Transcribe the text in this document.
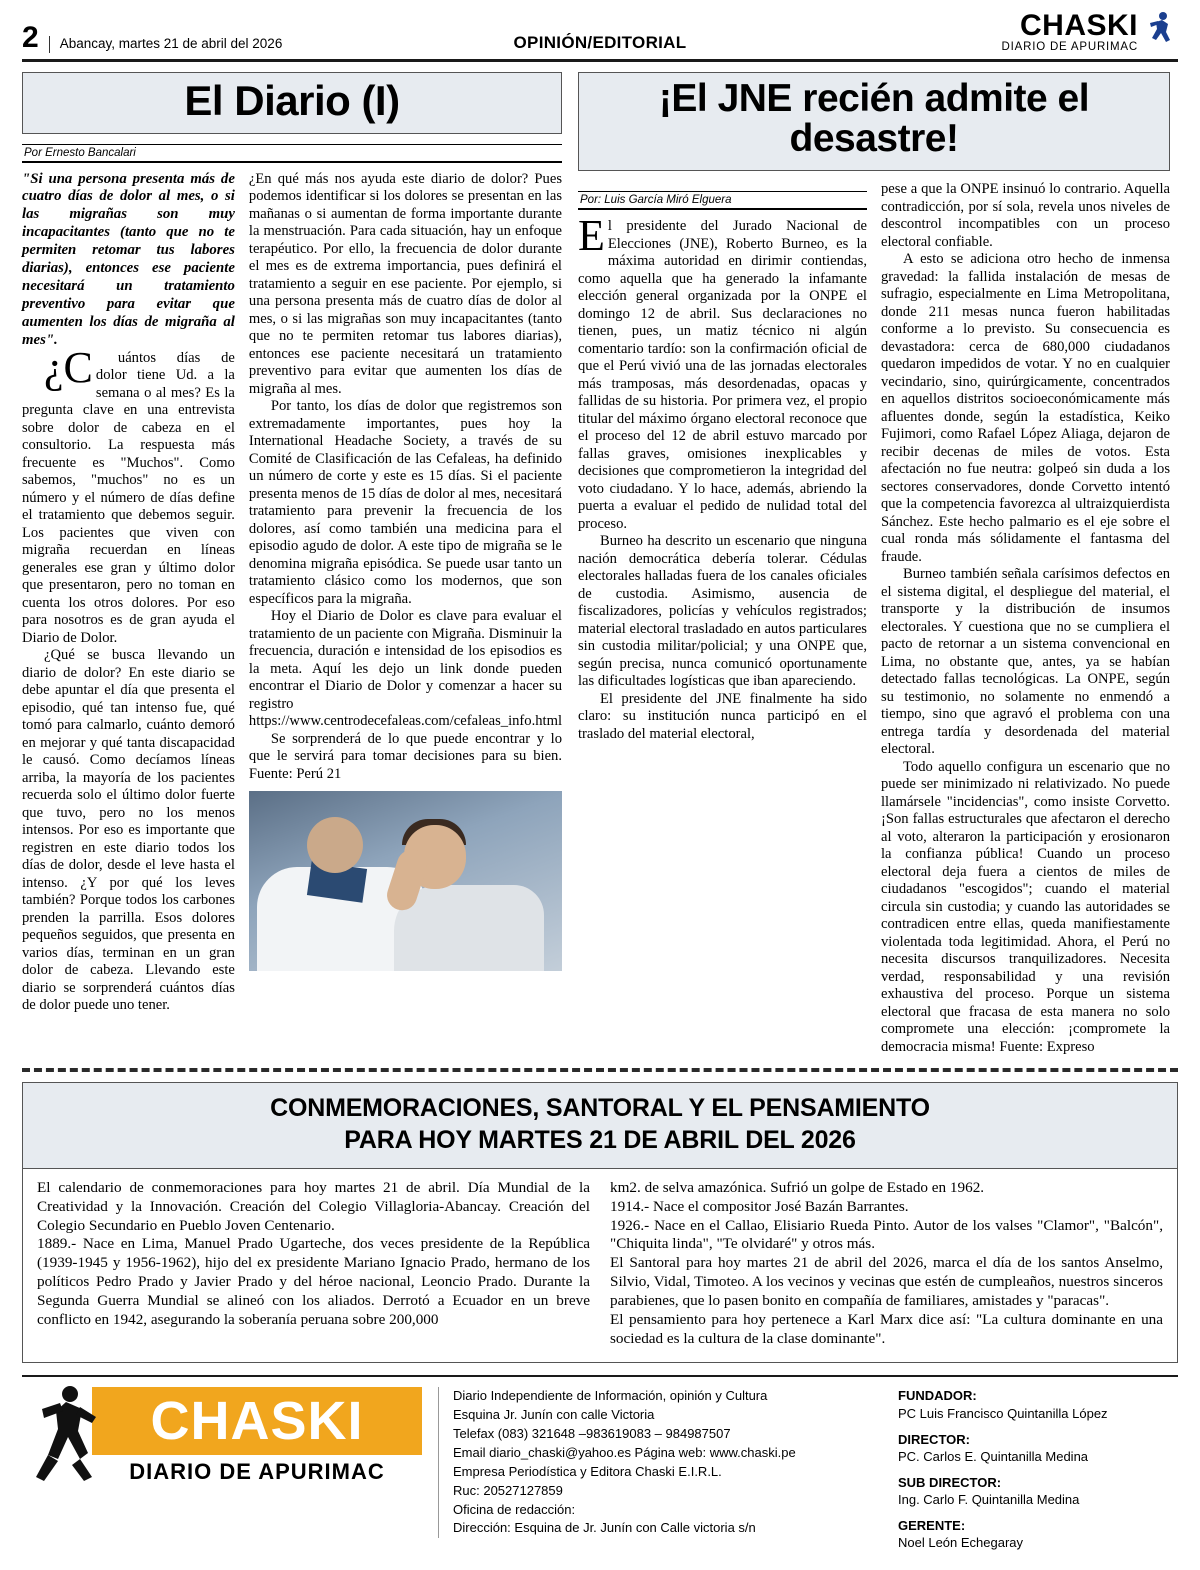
2	Abancay, martes 21 de abril del 2026	OPINIÓN/EDITORIAL	CHASKI
DIARIO DE APURIMAC
El Diario (I)
Por Ernesto Bancalari

"Si una persona presenta más de cuatro días de dolor al mes, o si las migrañas son muy incapacitantes (tanto que no te permiten retomar tus labores diarias), entonces ese paciente necesitará un tratamiento preventivo para evitar que aumenten los días de migraña al mes".

¿Cuántos días de dolor tiene Ud. a la semana o al mes? Es la pregunta clave en una entrevista sobre dolor de cabeza en el consultorio. La respuesta más frecuente es "Muchos". Como sabemos, "muchos" no es un número y el número de días define el tratamiento que debemos seguir. Los pacientes que viven con migraña recuerdan en líneas generales ese gran y último dolor que presentaron, pero no toman en cuenta los otros dolores. Por eso para nosotros es de gran ayuda el Diario de Dolor.

¿Qué se busca llevando un diario de dolor? En este diario se debe apuntar el día que presenta el episodio, qué tan intenso fue, qué tomó para calmarlo, cuánto demoró en mejorar y qué tanta discapacidad le causó. Como decíamos líneas arriba, la mayoría de los pacientes recuerda solo el último dolor fuerte que tuvo, pero no los menos intensos. Por eso es importante que registren en este diario todos los días de dolor, desde el leve hasta el intenso. ¿Y por qué los leves también? Porque todos los carbones prenden la parrilla. Esos dolores pequeños seguidos, que presenta en varios días, terminan en un gran dolor de cabeza. Llevando este diario se sorprenderá cuántos días de dolor puede uno tener.

¿En qué más nos ayuda este diario de dolor? Pues podemos identificar si los dolores se presentan en las mañanas o si aumentan de forma importante durante la menstruación. Para cada situación, hay un enfoque terapéutico. Por ello, la frecuencia de dolor durante el mes es de extrema importancia, pues definirá el tratamiento a seguir en ese paciente. Por ejemplo, si una persona presenta más de cuatro días de dolor al mes, o si las migrañas son muy incapacitantes (tanto que no te permiten retomar tus labores diarias), entonces ese paciente necesitará un tratamiento preventivo para evitar que aumenten los días de migraña al mes.

Por tanto, los días de dolor que registremos son extremadamente importantes, pues hoy la International Headache Society, a través de su Comité de Clasificación de las Cefaleas, ha definido un número de corte y este es 15 días. Si el paciente presenta menos de 15 días de dolor al mes, necesitará tratamiento para prevenir la frecuencia de los dolores, así como también una medicina para el episodio agudo de dolor. A este tipo de migraña se le denomina migraña episódica. Se puede usar tanto un tratamiento clásico como los modernos, que son específicos para la migraña.

Hoy el Diario de Dolor es clave para evaluar el tratamiento de un paciente con Migraña. Disminuir la frecuencia, duración e intensidad de los episodios es la meta. Aquí les dejo un link donde pueden encontrar el Diario de Dolor y comenzar a hacer su registro https://www.centrodecefaleas.com/cefaleas_info.html

Se sorprenderá de lo que puede encontrar y lo que le servirá para tomar decisiones para su bien. Fuente: Perú 21

¡El JNE recién admite el desastre!
Por: Luis García Miró Elguera

El presidente del Jurado Nacional de Elecciones (JNE), Roberto Burneo, es la máxima autoridad en dirimir contiendas, como aquella que ha generado la infamante elección general organizada por la ONPE el domingo 12 de abril. Sus declaraciones no tienen, pues, un matiz técnico ni algún comentario tardío: son la confirmación oficial de que el Perú vivió una de las jornadas electorales más tramposas, más desordenadas, opacas y fallidas de su historia. Por primera vez, el propio titular del máximo órgano electoral reconoce que el proceso del 12 de abril estuvo marcado por fallas graves, omisiones inexplicables y decisiones que comprometieron la integridad del voto ciudadano. Y lo hace, además, abriendo la puerta a evaluar el pedido de nulidad total del proceso.

Burneo ha descrito un escenario que ninguna nación democrática debería tolerar. Cédulas electorales halladas fuera de los canales oficiales de custodia. Asimismo, ausencia de fiscalizadores, policías y vehículos registrados; material electoral trasladado en autos particulares sin custodia militar/policial; y una ONPE que, según precisa, nunca comunicó oportunamente las dificultades logísticas que iban apareciendo.

El presidente del JNE finalmente ha sido claro: su institución nunca participó en el traslado del material electoral,

pese a que la ONPE insinuó lo contrario. Aquella contradicción, por sí sola, revela unos niveles de descontrol incompatibles con un proceso electoral confiable.

A esto se adiciona otro hecho de inmensa gravedad: la fallida instalación de mesas de sufragio, especialmente en Lima Metropolitana, donde 211 mesas nunca fueron habilitadas conforme a lo previsto. Su consecuencia es devastadora: cerca de 680,000 ciudadanos quedaron impedidos de votar. Y no en cualquier vecindario, sino, quirúrgicamente, concentrados en aquellos distritos socioeconómicamente más afluentes donde, según la estadística, Keiko Fujimori, como Rafael López Aliaga, dejaron de recibir decenas de miles de votos. Esta afectación no fue neutra: golpeó sin duda a los sectores conservadores, donde Corvetto intentó que la competencia favorezca al ultraizquierdista Sánchez. Este hecho palmario es el eje sobre el cual ronda más sólidamente el fantasma del fraude.

Burneo también señala carísimos defectos en el sistema digital, el despliegue del material, el transporte y la distribución de insumos electorales. Y cuestiona que no se cumpliera el pacto de retornar a un sistema convencional en Lima, no obstante que, antes, ya se habían detectado fallas tecnológicas. La ONPE, según su testimonio, no solamente no enmendó a tiempo, sino que agravó el problema con una entrega tardía y desordenada del material electoral.

Todo aquello configura un escenario que no puede ser minimizado ni relativizado. No puede llamársele "incidencias", como insiste Corvetto. ¡Son fallas estructurales que afectaron el derecho al voto, alteraron la participación y erosionaron la confianza pública! Cuando un proceso electoral deja fuera a cientos de miles de ciudadanos "escogidos"; cuando el material circula sin custodia; y cuando las autoridades se contradicen entre ellas, queda manifiestamente violentada toda legitimidad. Ahora, el Perú no necesita discursos tranquilizadores. Necesita verdad, responsabilidad y una revisión exhaustiva del proceso. Porque un sistema electoral que fracasa de esta manera no solo compromete una elección: ¡compromete la democracia misma! Fuente: Expreso

CONMEMORACIONES, SANTORAL Y EL PENSAMIENTO
PARA HOY MARTES 21 DE ABRIL DEL 2026

El calendario de conmemoraciones para hoy martes 21 de abril. Día Mundial de la Creatividad y la Innovación. Creación del Colegio Villagloria-Abancay. Creación del Colegio Secundario en Pueblo Joven Centenario.

1889.- Nace en Lima, Manuel Prado Ugarteche, dos veces presidente de la República (1939-1945 y 1956-1962), hijo del ex presidente Mariano Ignacio Prado, hermano de los políticos Pedro Prado y Javier Prado y del héroe nacional, Leoncio Prado. Durante la Segunda Guerra Mundial se alineó con los aliados. Derrotó a Ecuador en un breve conflicto en 1942, asegurando la soberanía peruana sobre 200,000

km2. de selva amazónica. Sufrió un golpe de Estado en 1962.

1914.- Nace el compositor José Bazán Barrantes.

1926.- Nace en el Callao, Elisiario Rueda Pinto. Autor de los valses "Clamor", "Balcón", "Chiquita linda", "Te olvidaré" y otros más.

El Santoral para hoy martes 21 de abril del 2026, marca el día de los santos Anselmo, Silvio, Vidal, Timoteo. A los vecinos y vecinas que estén de cumpleaños, nuestros sinceros parabienes, que lo pasen bonito en compañía de familiares, amistades y "paracas".

El pensamiento para hoy pertenece a Karl Marx dice así: "La cultura dominante en una sociedad es la cultura de la clase dominante".

CHASKI
DIARIO DE APURIMAC
Diario Independiente de Información, opinión y Cultura
Esquina Jr. Junín con calle Victoria
Telefax (083) 321648 –983619083 – 984987507
Email diario_chaski@yahoo.es Página web: www.chaski.pe
Empresa Periodística y Editora Chaski E.I.R.L.
Ruc: 20527127859
Oficina de redacción:
Dirección: Esquina de Jr. Junín con Calle victoria s/n
FUNDADOR:
PC Luis Francisco Quintanilla López
DIRECTOR:
PC. Carlos E. Quintanilla Medina
SUB DIRECTOR:
Ing. Carlo F. Quintanilla Medina
GERENTE:
Noel León Echegaray
